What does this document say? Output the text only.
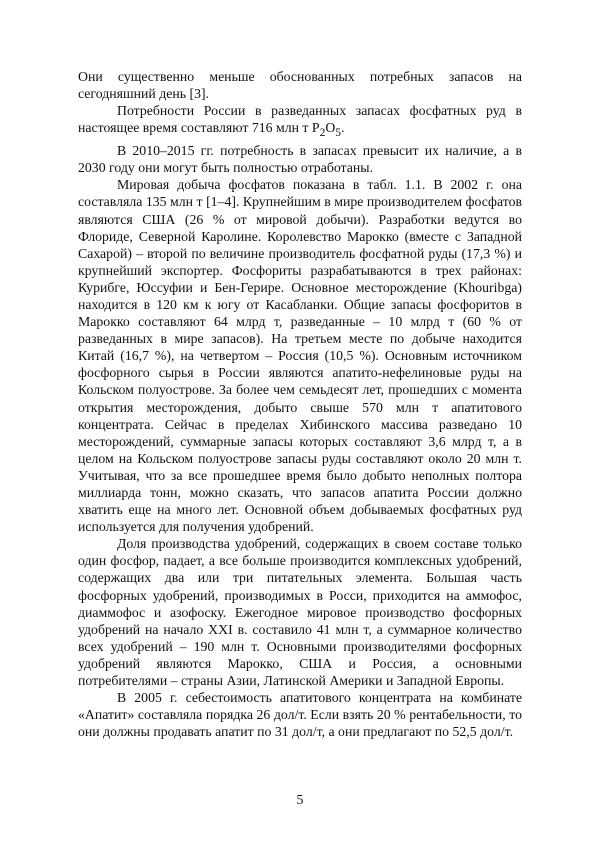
Они существенно меньше обоснованных потребных запасов на сегодняшний день [3].

Потребности России в разведанных запасах фосфатных руд в настоящее время составляют 716 млн т $P_2O_5$.

В 2010–2015 гг. потребность в запасах превысит их наличие, а в 2030 году они могут быть полностью отработаны.

Мировая добыча фосфатов показана в табл. 1.1. В 2002 г. она составляла 135 млн т [1–4]. Крупнейшим в мире производителем фосфатов являются США (26 % от мировой добычи). Разработки ведутся во Флориде, Северной Каролине. Королевство Марокко (вместе с Западной Сахарой) – второй по величине производитель фосфатной руды (17,3 %) и крупнейший экспортер. Фосфориты разрабатываются в трех районах: Курибге, Юссуфии и Бен-Герире. Основное месторождение (Khouribga) находится в 120 км к югу от Касабланки. Общие запасы фосфоритов в Марокко составляют 64 млрд т, разведанные – 10 млрд т (60 % от разведанных в мире запасов). На третьем месте по добыче находится Китай (16,7 %), на четвертом – Россия (10,5 %). Основным источником фосфорного сырья в России являются апатито-нефелиновые руды на Кольском полуострове. За более чем семьдесят лет, прошедших с момента открытия месторождения, добыто свыше 570 млн т апатитового концентрата. Сейчас в пределах Хибинского массива разведано 10 месторождений, суммарные запасы которых составляют 3,6 млрд т, а в целом на Кольском полуострове запасы руды составляют около 20 млн т. Учитывая, что за все прошедшее время было добыто неполных полтора миллиарда тонн, можно сказать, что запасов апатита России должно хватить еще на много лет. Основной объем добываемых фосфатных руд используется для получения удобрений.

Доля производства удобрений, содержащих в своем составе только один фосфор, падает, а все больше производится комплексных удобрений, содержащих два или три питательных элемента. Большая часть фосфорных удобрений, производимых в Росси, приходится на аммофос, диаммофос и азофоску. Ежегодное мировое производство фосфорных удобрений на начало XXI в. составило 41 млн т, а суммарное количество всех удобрений – 190 млн т. Основными производителями фосфорных удобрений являются Марокко, США и Россия, а основными потребителями – страны Азии, Латинской Америки и Западной Европы.

В 2005 г. себестоимость апатитового концентрата на комбинате «Апатит» составляла порядка 26 дол/т. Если взять 20 % рентабельности, то они должны продавать апатит по 31 дол/т, а они предлагают по 52,5 дол/т.

5
